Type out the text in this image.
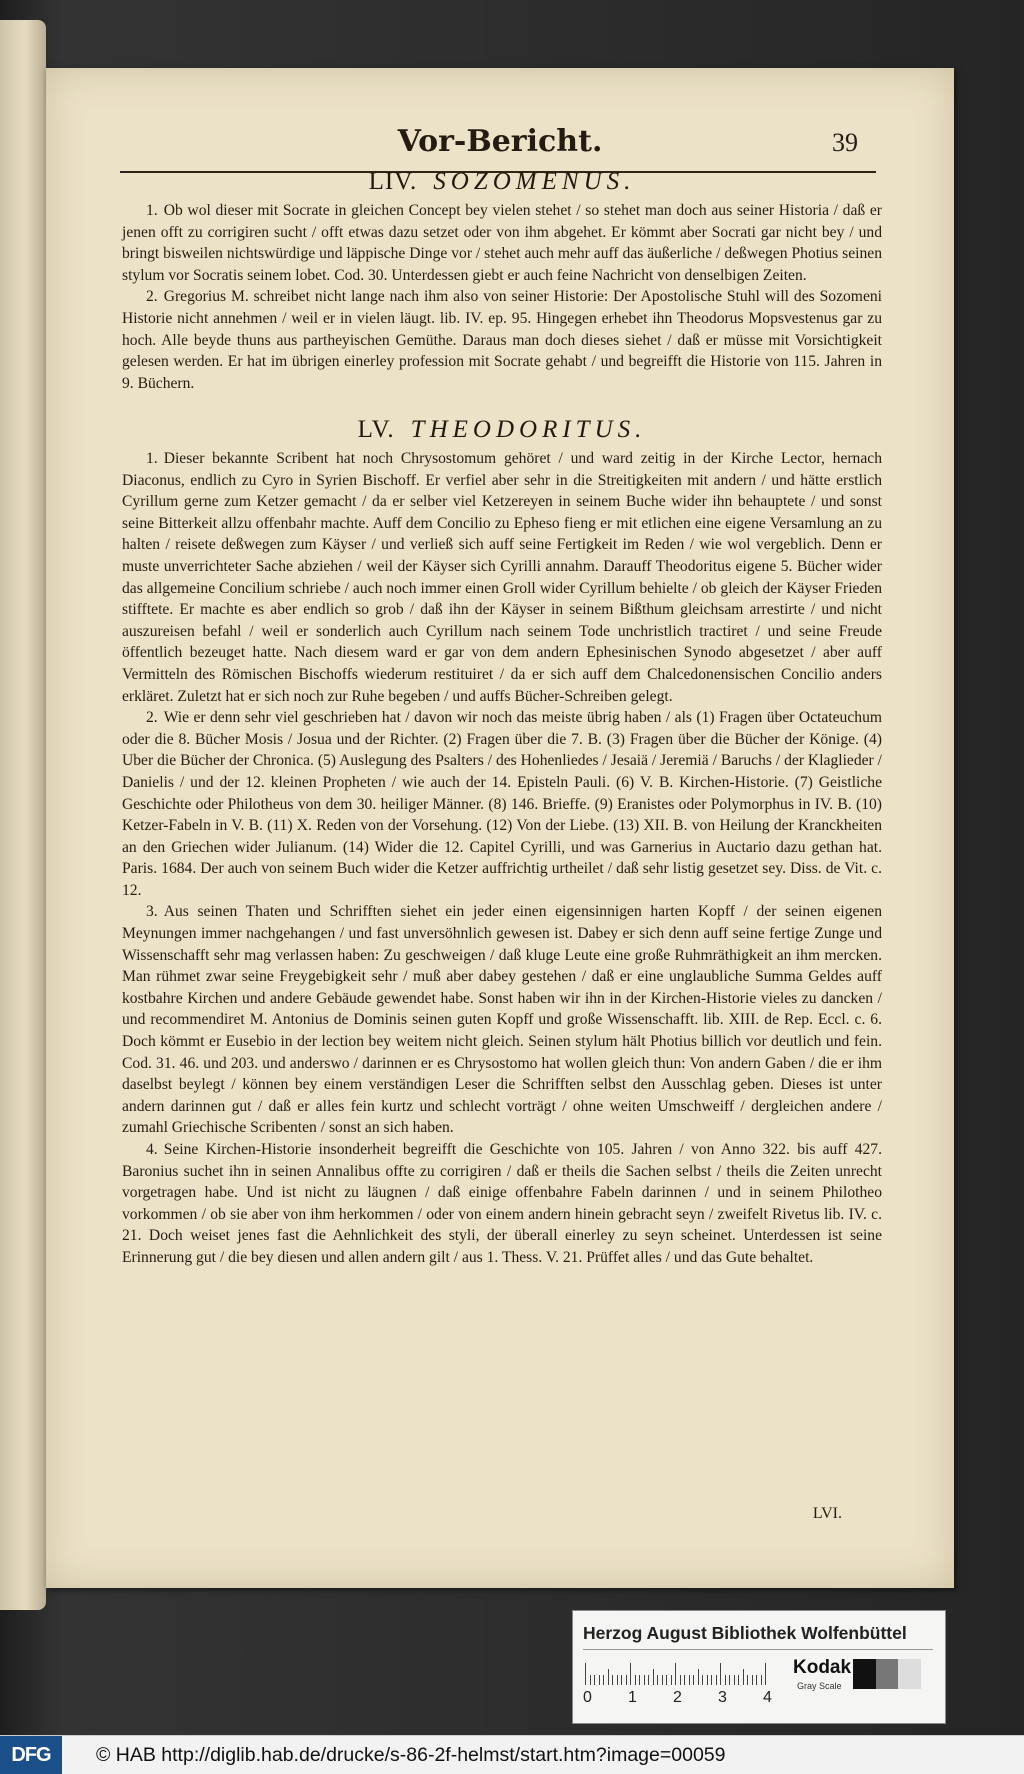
Vor-Bericht.	39
LIV. SOZOMENUS.

1. Ob wol dieser mit Socrate in gleichen Concept bey vielen stehet / so stehet man doch aus seiner Historia / daß er jenen offt zu corrigiren sucht / offt etwas dazu setzet oder von ihm abgehet. Er kömmt aber Socrati gar nicht bey / und bringt bisweilen nichtswürdige und läppische Dinge vor / stehet auch mehr auff das äußerliche / deßwegen Photius seinen stylum vor Socratis seinem lobet. Cod. 30. Unterdessen giebt er auch feine Nachricht von denselbigen Zeiten.

2. Gregorius M. schreibet nicht lange nach ihm also von seiner Historie: Der Apostolische Stuhl will des Sozomeni Historie nicht annehmen / weil er in vielen läugt. lib. IV. ep. 95. Hingegen erhebet ihn Theodorus Mopsvestenus gar zu hoch. Alle beyde thuns aus partheyischen Gemüthe. Daraus man doch dieses siehet / daß er müsse mit Vorsichtigkeit gelesen werden. Er hat im übrigen einerley profession mit Socrate gehabt / und begreifft die Historie von 115. Jahren in 9. Büchern.

LV. THEODORITUS.

1. Dieser bekannte Scribent hat noch Chrysostomum gehöret / und ward zeitig in der Kirche Lector, hernach Diaconus, endlich zu Cyro in Syrien Bischoff. Er verfiel aber sehr in die Streitigkeiten mit andern / und hätte erstlich Cyrillum gerne zum Ketzer gemacht / da er selber viel Ketzereyen in seinem Buche wider ihn behauptete / und sonst seine Bitterkeit allzu offenbahr machte. Auff dem Concilio zu Epheso fieng er mit etlichen eine eigene Versamlung an zu halten / reisete deßwegen zum Käyser / und verließ sich auff seine Fertigkeit im Reden / wie wol vergeblich. Denn er muste unverrichteter Sache abziehen / weil der Käyser sich Cyrilli annahm. Darauff Theodoritus eigene 5. Bücher wider das allgemeine Concilium schriebe / auch noch immer einen Groll wider Cyrillum behielte / ob gleich der Käyser Frieden stifftete. Er machte es aber endlich so grob / daß ihn der Käyser in seinem Bißthum gleichsam arrestirte / und nicht auszureisen befahl / weil er sonderlich auch Cyrillum nach seinem Tode unchristlich tractiret / und seine Freude öffentlich bezeuget hatte. Nach diesem ward er gar von dem andern Ephesinischen Synodo abgesetzet / aber auff Vermitteln des Römischen Bischoffs wiederum restituiret / da er sich auff dem Chalcedonensischen Concilio anders erkläret. Zuletzt hat er sich noch zur Ruhe begeben / und auffs Bücher-Schreiben gelegt.

2. Wie er denn sehr viel geschrieben hat / davon wir noch das meiste übrig haben / als (1) Fragen über Octateuchum oder die 8. Bücher Mosis / Josua und der Richter. (2) Fragen über die 7. B. (3) Fragen über die Bücher der Könige. (4) Uber die Bücher der Chronica. (5) Auslegung des Psalters / des Hohenliedes / Jesaiä / Jeremiä / Baruchs / der Klaglieder / Danielis / und der 12. kleinen Propheten / wie auch der 14. Episteln Pauli. (6) V. B. Kirchen-Historie. (7) Geistliche Geschichte oder Philotheus von dem 30. heiliger Männer. (8) 146. Brieffe. (9) Eranistes oder Polymorphus in IV. B. (10) Ketzer-Fabeln in V. B. (11) X. Reden von der Vorsehung. (12) Von der Liebe. (13) XII. B. von Heilung der Kranckheiten an den Griechen wider Julianum. (14) Wider die 12. Capitel Cyrilli, und was Garnerius in Auctario dazu gethan hat. Paris. 1684. Der auch von seinem Buch wider die Ketzer auffrichtig urtheilet / daß sehr listig gesetzet sey. Diss. de Vit. c. 12.

3. Aus seinen Thaten und Schrifften siehet ein jeder einen eigensinnigen harten Kopff / der seinen eigenen Meynungen immer nachgehangen / und fast unversöhnlich gewesen ist. Dabey er sich denn auff seine fertige Zunge und Wissenschafft sehr mag verlassen haben: Zu geschweigen / daß kluge Leute eine große Ruhmräthigkeit an ihm mercken. Man rühmet zwar seine Freygebigkeit sehr / muß aber dabey gestehen / daß er eine unglaubliche Summa Geldes auff kostbahre Kirchen und andere Gebäude gewendet habe. Sonst haben wir ihn in der Kirchen-Historie vieles zu dancken / und recommendiret M. Antonius de Dominis seinen guten Kopff und große Wissenschafft. lib. XIII. de Rep. Eccl. c. 6. Doch kömmt er Eusebio in der lection bey weitem nicht gleich. Seinen stylum hält Photius billich vor deutlich und fein. Cod. 31. 46. und 203. und anderswo / darinnen er es Chrysostomo hat wollen gleich thun: Von andern Gaben / die er ihm daselbst beylegt / können bey einem verständigen Leser die Schrifften selbst den Ausschlag geben. Dieses ist unter andern darinnen gut / daß er alles fein kurtz und schlecht vorträgt / ohne weiten Umschweiff / dergleichen andere / zumahl Griechische Scribenten / sonst an sich haben.

4. Seine Kirchen-Historie insonderheit begreifft die Geschichte von 105. Jahren / von Anno 322. bis auff 427. Baronius suchet ihn in seinen Annalibus offte zu corrigiren / daß er theils die Sachen selbst / theils die Zeiten unrecht vorgetragen habe. Und ist nicht zu läugnen / daß einige offenbahre Fabeln darinnen / und in seinem Philotheo vorkommen / ob sie aber von ihm herkommen / oder von einem andern hinein gebracht seyn / zweifelt Rivetus lib. IV. c. 21. Doch weiset jenes fast die Aehnlichkeit des styli, der überall einerley zu seyn scheinet. Unterdessen ist seine Erinnerung gut / die bey diesen und allen andern gilt / aus 1. Thess. V. 21. Prüffet alles / und das Gute behaltet.

LVI.
Herzog August Bibliothek Wolfenbüttel
0 1 2 3 4
Kodak
Gray Scale
DFG	© HAB http://diglib.hab.de/drucke/s-86-2f-helmst/start.htm?image=00059
